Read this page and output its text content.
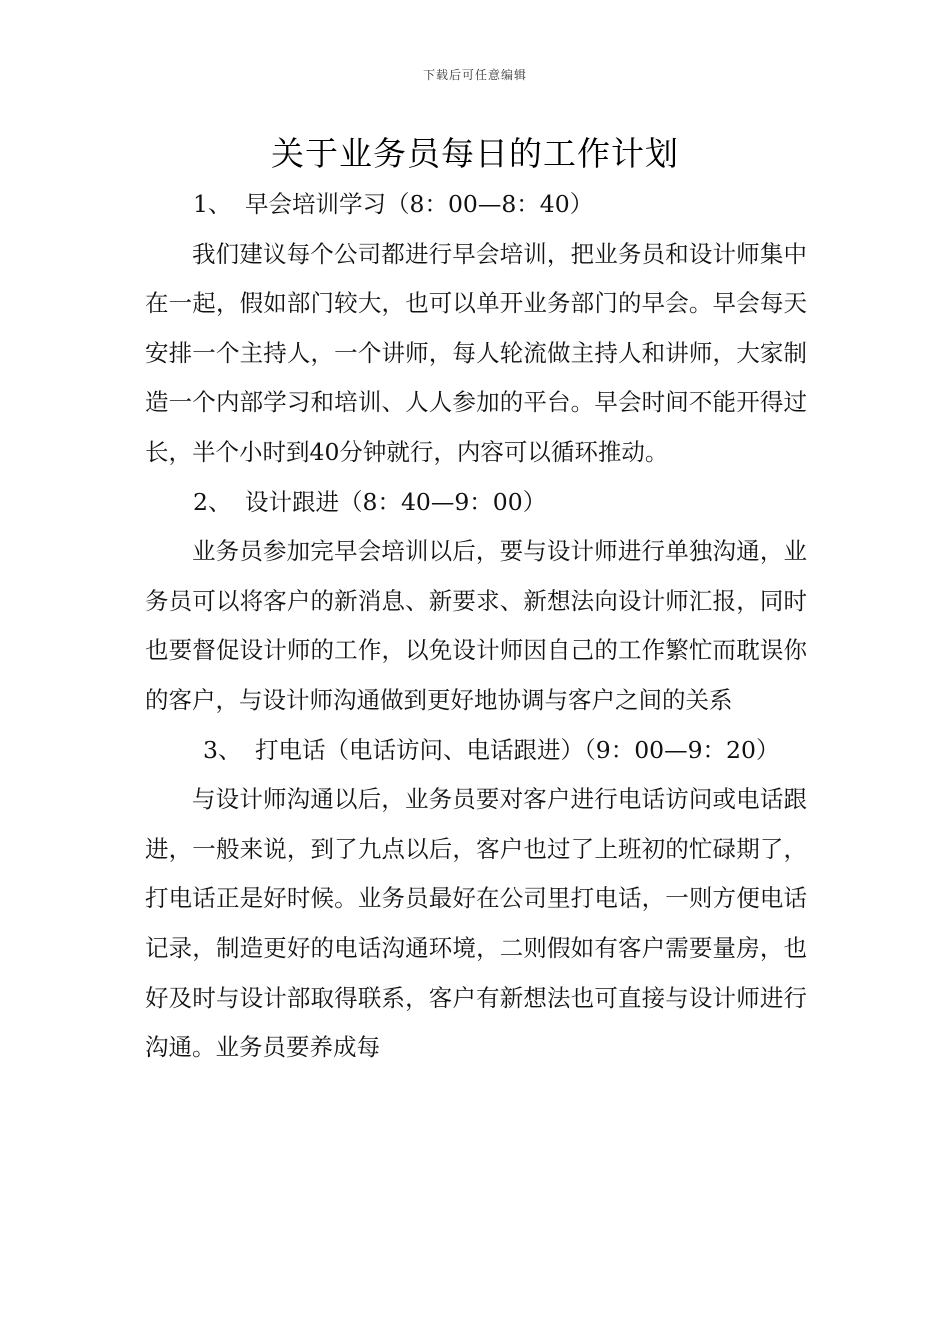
下载后可任意编辑
关于业务员每日的工作计划

1、 早会培训学习（8：00—8：40）

我们建议每个公司都进行早会培训，把业务员和设计师集中在一起，假如部门较大，也可以单开业务部门的早会。早会每天安排一个主持人，一个讲师，每人轮流做主持人和讲师，大家制造一个内部学习和培训、人人参加的平台。早会时间不能开得过长，半个小时到40分钟就行，内容可以循环推动。

2、 设计跟进（8：40—9：00）

业务员参加完早会培训以后，要与设计师进行单独沟通，业务员可以将客户的新消息、新要求、新想法向设计师汇报，同时也要督促设计师的工作，以免设计师因自己的工作繁忙而耽误你的客户，与设计师沟通做到更好地协调与客户之间的关系

3、 打电话（电话访问、电话跟进）（9：00—9：20）

与设计师沟通以后，业务员要对客户进行电话访问或电话跟进，一般来说，到了九点以后，客户也过了上班初的忙碌期了，打电话正是好时候。业务员最好在公司里打电话，一则方便电话记录，制造更好的电话沟通环境，二则假如有客户需要量房，也好及时与设计部取得联系，客户有新想法也可直接与设计师进行沟通。业务员要养成每
